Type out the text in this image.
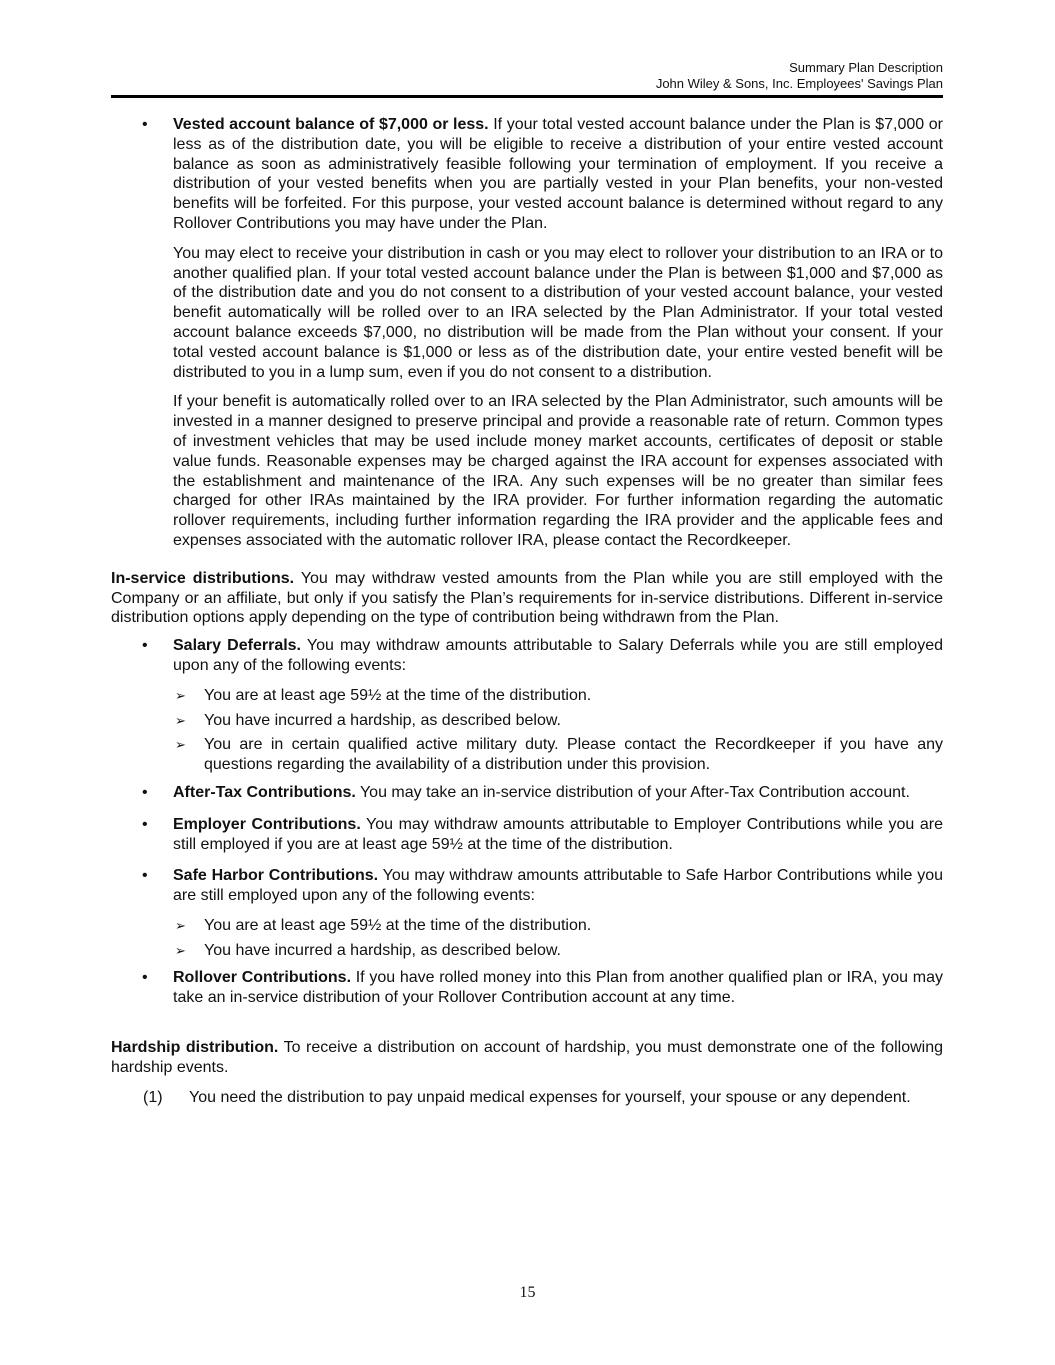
Summary Plan Description
John Wiley & Sons, Inc. Employees' Savings Plan

• Vested account balance of $7,000 or less. If your total vested account balance under the Plan is $7,000 or less as of the distribution date, you will be eligible to receive a distribution of your entire vested account balance as soon as administratively feasible following your termination of employment. If you receive a distribution of your vested benefits when you are partially vested in your Plan benefits, your non-vested benefits will be forfeited. For this purpose, your vested account balance is determined without regard to any Rollover Contributions you may have under the Plan.

You may elect to receive your distribution in cash or you may elect to rollover your distribution to an IRA or to another qualified plan. If your total vested account balance under the Plan is between $1,000 and $7,000 as of the distribution date and you do not consent to a distribution of your vested account balance, your vested benefit automatically will be rolled over to an IRA selected by the Plan Administrator. If your total vested account balance exceeds $7,000, no distribution will be made from the Plan without your consent. If your total vested account balance is $1,000 or less as of the distribution date, your entire vested benefit will be distributed to you in a lump sum, even if you do not consent to a distribution.

If your benefit is automatically rolled over to an IRA selected by the Plan Administrator, such amounts will be invested in a manner designed to preserve principal and provide a reasonable rate of return. Common types of investment vehicles that may be used include money market accounts, certificates of deposit or stable value funds. Reasonable expenses may be charged against the IRA account for expenses associated with the establishment and maintenance of the IRA. Any such expenses will be no greater than similar fees charged for other IRAs maintained by the IRA provider. For further information regarding the automatic rollover requirements, including further information regarding the IRA provider and the applicable fees and expenses associated with the automatic rollover IRA, please contact the Recordkeeper.

In-service distributions. You may withdraw vested amounts from the Plan while you are still employed with the Company or an affiliate, but only if you satisfy the Plan’s requirements for in-service distributions. Different in-service distribution options apply depending on the type of contribution being withdrawn from the Plan.

• Salary Deferrals. You may withdraw amounts attributable to Salary Deferrals while you are still employed upon any of the following events:

➢ You are at least age 59½ at the time of the distribution.

➢ You have incurred a hardship, as described below.

➢ You are in certain qualified active military duty. Please contact the Recordkeeper if you have any questions regarding the availability of a distribution under this provision.

• After-Tax Contributions. You may take an in-service distribution of your After-Tax Contribution account.

• Employer Contributions. You may withdraw amounts attributable to Employer Contributions while you are still employed if you are at least age 59½ at the time of the distribution.

• Safe Harbor Contributions. You may withdraw amounts attributable to Safe Harbor Contributions while you are still employed upon any of the following events:

➢ You are at least age 59½ at the time of the distribution.

➢ You have incurred a hardship, as described below.

• Rollover Contributions. If you have rolled money into this Plan from another qualified plan or IRA, you may take an in-service distribution of your Rollover Contribution account at any time.

Hardship distribution. To receive a distribution on account of hardship, you must demonstrate one of the following hardship events.

(1) You need the distribution to pay unpaid medical expenses for yourself, your spouse or any dependent.

15
